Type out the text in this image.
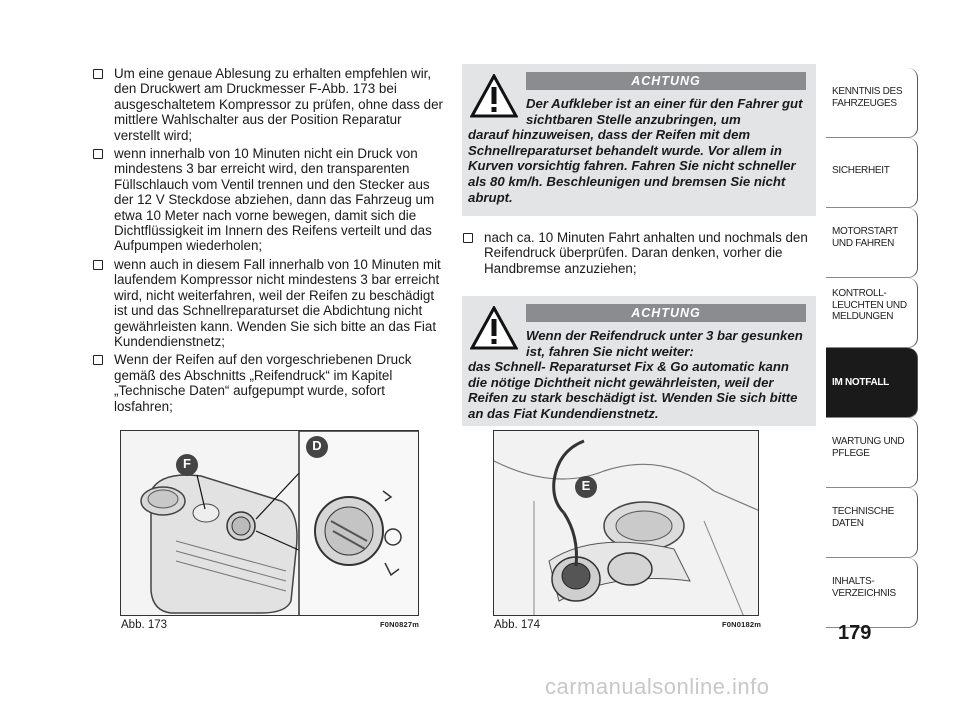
Um eine genaue Ablesung zu erhalten empfehlen wir, den Druckwert am Druckmesser F-Abb. 173 bei ausgeschaltetem Kompressor zu prüfen, ohne dass der mittlere Wahlschalter aus der Position Reparatur verstellt wird;
wenn innerhalb von 10 Minuten nicht ein Druck von mindestens 3 bar erreicht wird, den transparenten Füllschlauch vom Ventil trennen und den Stecker aus der 12 V Steckdose abziehen, dann das Fahrzeug um etwa 10 Meter nach vorne bewegen, damit sich die Dichtflüssigkeit im Innern des Reifens verteilt und das Aufpumpen wiederholen;
wenn auch in diesem Fall innerhalb von 10 Minuten mit laufendem Kompressor nicht mindestens 3 bar erreicht wird, nicht weiterfahren, weil der Reifen zu beschädigt ist und das Schnellreparaturset die Abdichtung nicht gewährleisten kann. Wenden Sie sich bitte an das Fiat Kundendienstnetz;
Wenn der Reifen auf den vorgeschriebenen Druck gemäß des Abschnitts „Reifendruck“ im Kapitel „Technische Daten“ aufgepumpt wurde, sofort losfahren;
ACHTUNG
Der Aufkleber ist an einer für den Fahrer gut sichtbaren Stelle anzubringen, um
darauf hinzuweisen, dass der Reifen mit dem Schnellreparaturset behandelt wurde. Vor allem in Kurven vorsichtig fahren. Fahren Sie nicht schneller als 80 km/h. Beschleunigen und bremsen Sie nicht abrupt.
nach ca. 10 Minuten Fahrt anhalten und nochmals den Reifendruck überprüfen. Daran denken, vorher die Handbremse anzuziehen;
ACHTUNG
Wenn der Reifendruck unter 3 bar gesunken ist, fahren Sie nicht weiter:
das Schnell- Reparaturset Fix & Go automatic kann die nötige Dichtheit nicht gewährleisten, weil der Reifen zu stark beschädigt ist. Wenden Sie sich bitte an das Fiat Kundendienstnetz.
F
D
Abb. 173	F0N0827m
E
Abb. 174	F0N0182m
KENNTNIS DES FAHRZEUGES
SICHERHEIT
MOTORSTART UND FAHREN
KONTROLL- LEUCHTEN UND MELDUNGEN
IM NOTFALL
WARTUNG UND PFLEGE
TECHNISCHE DATEN
INHALTS- VERZEICHNIS
179
carmanualsonline.info
